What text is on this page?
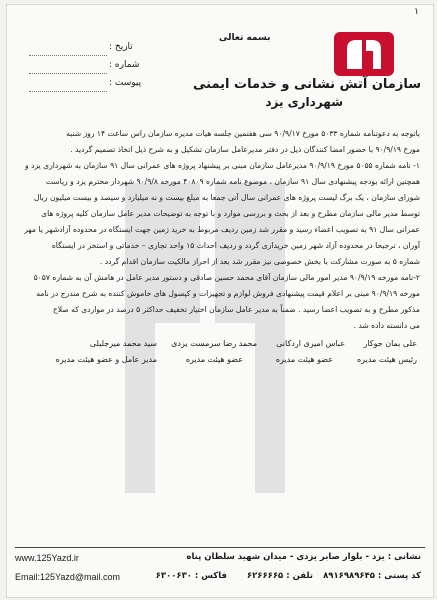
۱
بسمه تعالی
سازمان آتش نشانی و خدمات ایمنی
شهرداری یزد
تاریخ :
شماره :
پیوست :
باتوجه به دعوتنامه شماره ۵۰۳۳ مورخ ۹۰/۹/۱۷ سی هفتمین جلسه هیات مدیره سازمان راس ساعت ۱۴ روز شنبه
مورخ ۹۰/۹/۱۹ با حضور امضا کنندگان ذیل در دفتر مدیرعامل سازمان تشکیل و به شرح ذیل اتخاذ تصمیم گردید .
۱- نامه شماره ۵۰۵۵ مورخ ۹۰/۹/۱۹ مدیرعامل سازمان مبنی بر پیشنهاد پروژه های عمرانی سال ۹۱ سازمان به شهرداری یزد و
همچنین ارائه بودجه پیشنهادی سال ۹۱ سازمان ، موضوع نامه شماره ۴۰۸۰۹ مورخه ۹۰/۹/۸ شهردار محترم یزد و ریاست
شورای سازمان ، یک برگ لیست پروژه های عمرانی سال آتی جمعا به مبلغ بیست و نه میلیارد و سیصد و بیست میلیون ریال
توسط مدیر مالی سازمان مطرح و بعد از بحث و بررسی موارد و با توجه به توضیحات مدیر عامل سازمان کلیه پروژه های
عمرانی سال ۹۱ به تصویب اعضاء رسید و مقرر شد زمین ردیف مربوط به خرید زمین جهت ایستگاه در محدوده آزادشهر یا مهر
آوران ، ترجیحا در محدوده آزاد شهر زمین خریداری گردد و ردیف احداث ۱۵ واحد تجاری – خدماتی و استخر در ایستگاه
شماره ۵ به صورت مشارکت با بخش خصوصی نیز مقرر شد بعد از احراز مالکیت سازمان اقدام گردد .
۲-نامه مورخه ۹۰/۹/۱۹ مدیر امور مالی سازمان آقای محمد حسین صادقی و دستور مدیر عامل در هامش آن به شماره ۵۰۵۷
مورخه ۹۰/۹/۱۹ مبنی بر اعلام قیمت پیشنهادی فروش لوازم و تجهیزات و کپسول های خاموش کننده به شرح مندرج در نامه
مذکور مطرح و به تصویب اعضا رسید . ضمناً به مدیر عامل سازمان اختیار تخفیف حداکثر ۵ درصد در مواردی که صلاح
می دانسته داده شد .
علی بمان جوکار
رئیس هیئت مدیره
عباس امیری اردکانی
عضو هیئت مدیره
محمد رضا سرمست یزدی
عضو هیئت مدیره
سید محمد میرجلیلی
مدیر عامل و عضو هیئت مدیره
نشانی : یزد - بلوار صابر یزدی - میدان شهید سلطان پناه
کد پستی : ۸۹۱۶۹۸۹۶۴۵
تلفن : ۶۲۶۶۶۶۵
فاکس : ۶۳۰۰۶۳۰
www.125Yazd.ir
Email:125Yazd@mail.com
